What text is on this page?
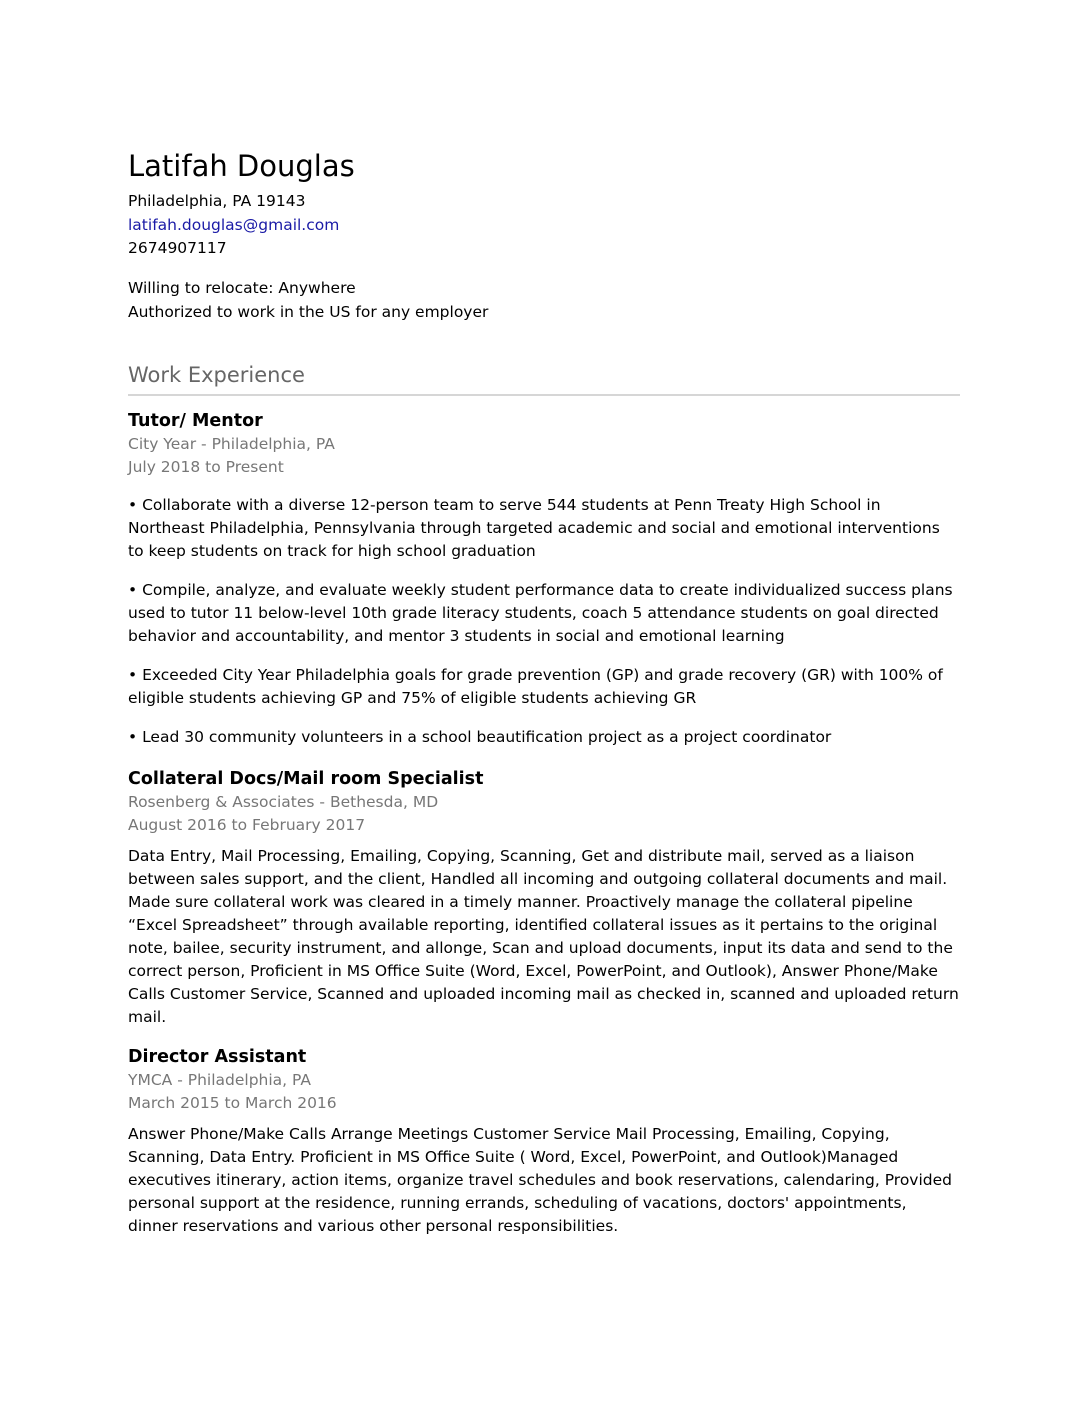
Latifah Douglas
Philadelphia, PA 19143
latifah.douglas@gmail.com
2674907117
Willing to relocate: Anywhere
Authorized to work in the US for any employer
Work Experience
Tutor/ Mentor
City Year - Philadelphia, PA
July 2018 to Present

• Collaborate with a diverse 12-person team to serve 544 students at Penn Treaty High School in Northeast Philadelphia, Pennsylvania through targeted academic and social and emotional interventions to keep students on track for high school graduation

• Compile, analyze, and evaluate weekly student performance data to create individualized success plans used to tutor 11 below-level 10th grade literacy students, coach 5 attendance students on goal directed behavior and accountability, and mentor 3 students in social and emotional learning

• Exceeded City Year Philadelphia goals for grade prevention (GP) and grade recovery (GR) with 100% of eligible students achieving GP and 75% of eligible students achieving GR

• Lead 30 community volunteers in a school beautification project as a project coordinator

Collateral Docs/Mail room Specialist
Rosenberg & Associates - Bethesda, MD
August 2016 to February 2017

Data Entry, Mail Processing, Emailing, Copying, Scanning, Get and distribute mail, served as a liaison between sales support, and the client, Handled all incoming and outgoing collateral documents and mail. Made sure collateral work was cleared in a timely manner. Proactively manage the collateral pipeline “Excel Spreadsheet” through available reporting, identified collateral issues as it pertains to the original note, bailee, security instrument, and allonge, Scan and upload documents, input its data and send to the correct person, Proficient in MS Office Suite (Word, Excel, PowerPoint, and Outlook), Answer Phone/Make Calls Customer Service, Scanned and uploaded incoming mail as checked in, scanned and uploaded return mail.

Director Assistant
YMCA - Philadelphia, PA
March 2015 to March 2016

Answer Phone/Make Calls Arrange Meetings Customer Service Mail Processing, Emailing, Copying, Scanning, Data Entry. Proficient in MS Office Suite ( Word, Excel, PowerPoint, and Outlook)Managed executives itinerary, action items, organize travel schedules and book reservations, calendaring, Provided personal support at the residence, running errands, scheduling of vacations, doctors' appointments, dinner reservations and various other personal responsibilities.
